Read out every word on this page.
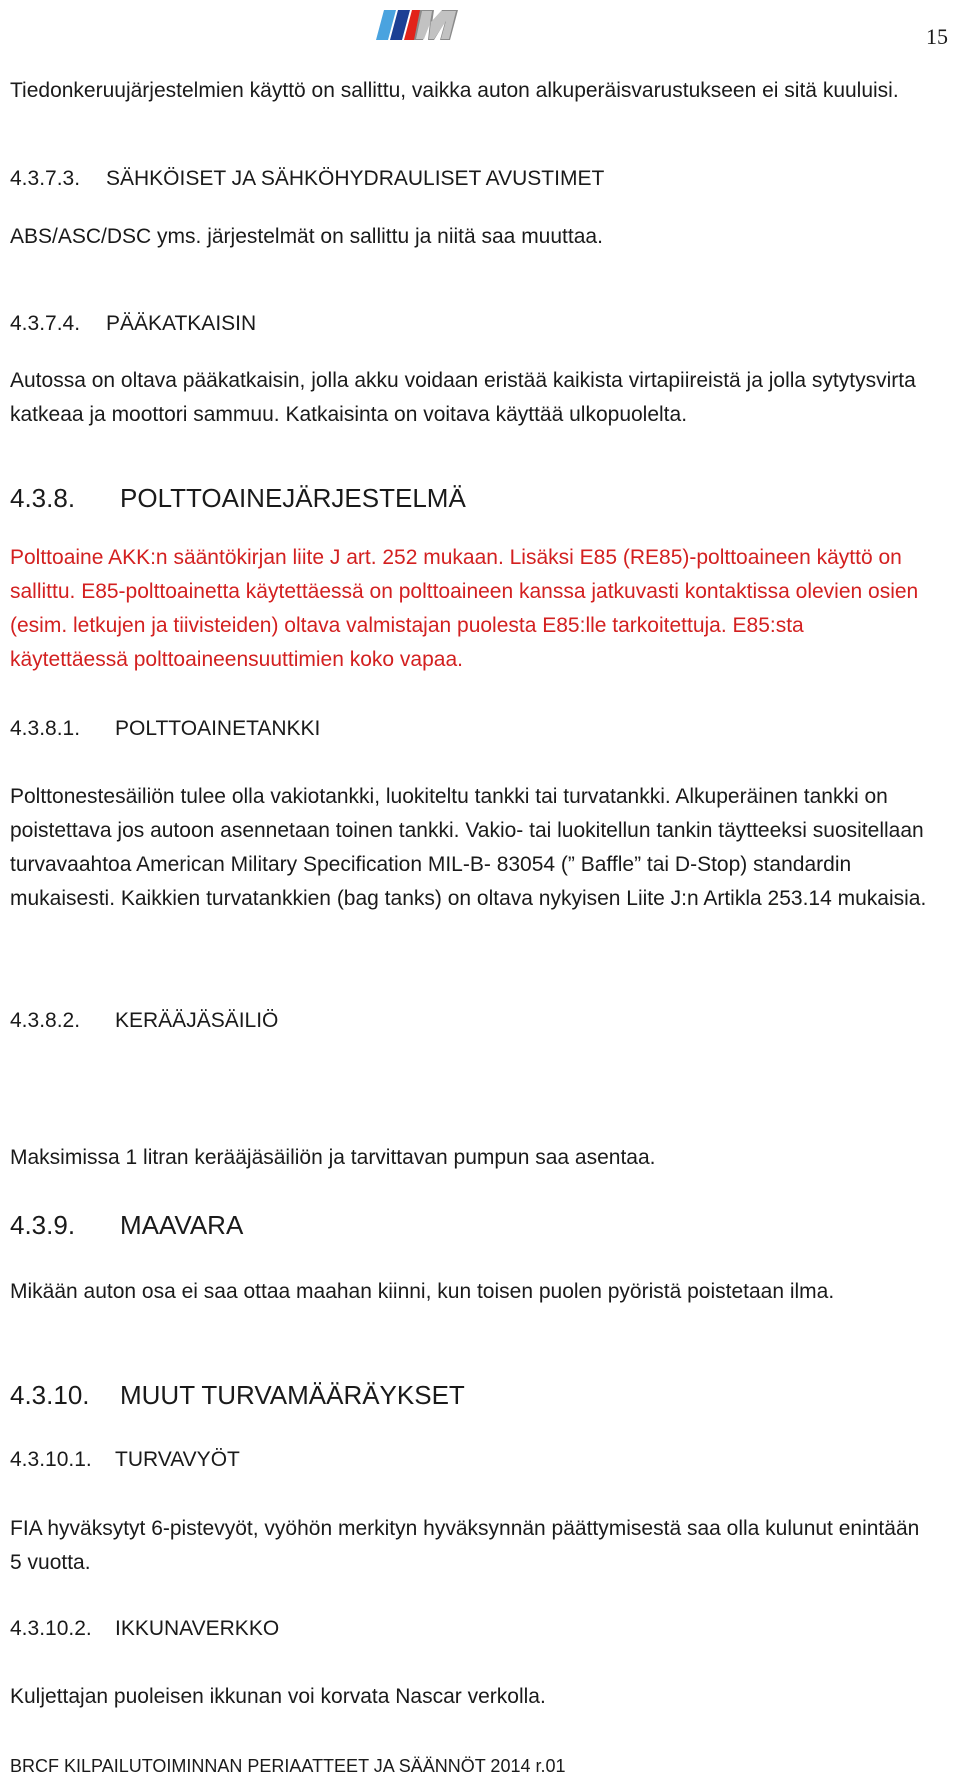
15
Tiedonkeruujärjestelmien käyttö on sallittu, vaikka auton alkuperäisvarustukseen ei sitä kuuluisi.
4.3.7.3. SÄHKÖISET JA SÄHKÖHYDRAULISET AVUSTIMET
ABS/ASC/DSC yms. järjestelmät on sallittu ja niitä saa muuttaa.
4.3.7.4. PÄÄKATKAISIN
Autossa on oltava pääkatkaisin, jolla akku voidaan eristää kaikista virtapiireistä ja jolla sytytysvirta katkeaa ja moottori sammuu. Katkaisinta on voitava käyttää ulkopuolelta.
4.3.8. POLTTOAINEJÄRJESTELMÄ
Polttoaine AKK:n sääntökirjan liite J art. 252 mukaan. Lisäksi E85 (RE85)-polttoaineen käyttö on sallittu. E85-polttoainetta käytettäessä on polttoaineen kanssa jatkuvasti kontaktissa olevien osien (esim. letkujen ja tiivisteiden) oltava valmistajan puolesta E85:lle tarkoitettuja. E85:sta käytettäessä polttoaineensuuttimien koko vapaa.
4.3.8.1. POLTTOAINETANKKI
Polttonestesäiliön tulee olla vakiotankki, luokiteltu tankki tai turvatankki. Alkuperäinen tankki on poistettava jos autoon asennetaan toinen tankki. Vakio- tai luokitellun tankin täytteeksi suositellaan turvavaahtoa American Military Specification MIL-B- 83054 (” Baffle” tai D-Stop) standardin mukaisesti. Kaikkien turvatankkien (bag tanks) on oltava nykyisen Liite J:n Artikla 253.14 mukaisia.
4.3.8.2. KERÄÄJÄSÄILIÖ
Maksimissa 1 litran kerääjäsäiliön ja tarvittavan pumpun saa asentaa.
4.3.9. MAAVARA
Mikään auton osa ei saa ottaa maahan kiinni, kun toisen puolen pyöristä poistetaan ilma.
4.3.10. MUUT TURVAMÄÄRÄYKSET
4.3.10.1. TURVAVYÖT
FIA hyväksytyt 6-pistevyöt, vyöhön merkityn hyväksynnän päättymisestä saa olla kulunut enintään 5 vuotta.
4.3.10.2. IKKUNAVERKKO
Kuljettajan puoleisen ikkunan voi korvata Nascar verkolla.
BRCF KILPAILUTOIMINNAN PERIAATTEET JA SÄÄNNÖT 2014 r.01
